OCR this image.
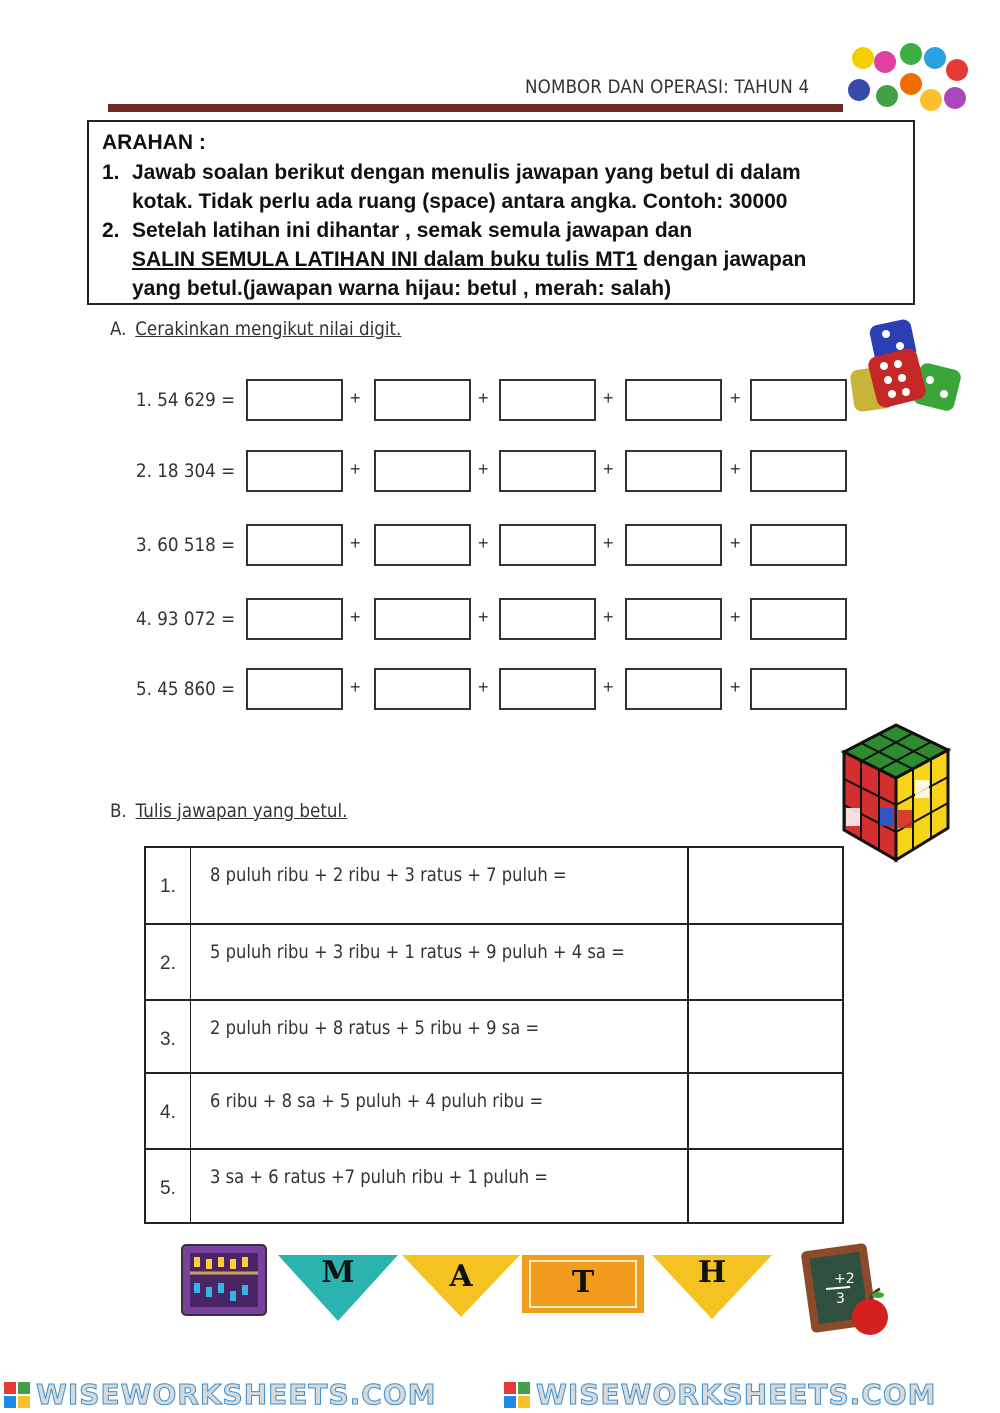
NOMBOR DAN OPERASI: TAHUN 4
ARAHAN :
1. Jawab soalan berikut dengan menulis jawapan yang betul di dalam
kotak. Tidak perlu ada ruang (space) antara angka. Contoh: 30000
2. Setelah latihan ini dihantar , semak semula jawapan dan
SALIN SEMULA LATIHAN INI dalam buku tulis MT1 dengan jawapan
yang betul.(jawapan warna hijau: betul , merah: salah)
A. Cerakinkan mengikut nilai digit.
1. 54 629 =	+	+	+	+
2. 18 304 =	+	+	+	+
3. 60 518 =	+	+	+	+
4. 93 072 =	+	+	+	+
5. 45 860 =	+	+	+	+
B. Tulis jawapan yang betul.
1.
8 puluh ribu + 2 ribu + 3 ratus + 7 puluh =
2.
5 puluh ribu + 3 ribu + 1 ratus + 9 puluh + 4 sa =
3.
2 puluh ribu + 8 ratus + 5 ribu + 9 sa =
4.
6 ribu + 8 sa + 5 puluh + 4 puluh ribu =
5.
3 sa + 6 ratus +7 puluh ribu + 1 puluh =
M	A	T	H	+2
3
WISEWORKSHEETS.COM	WISEWORKSHEETS.COM
